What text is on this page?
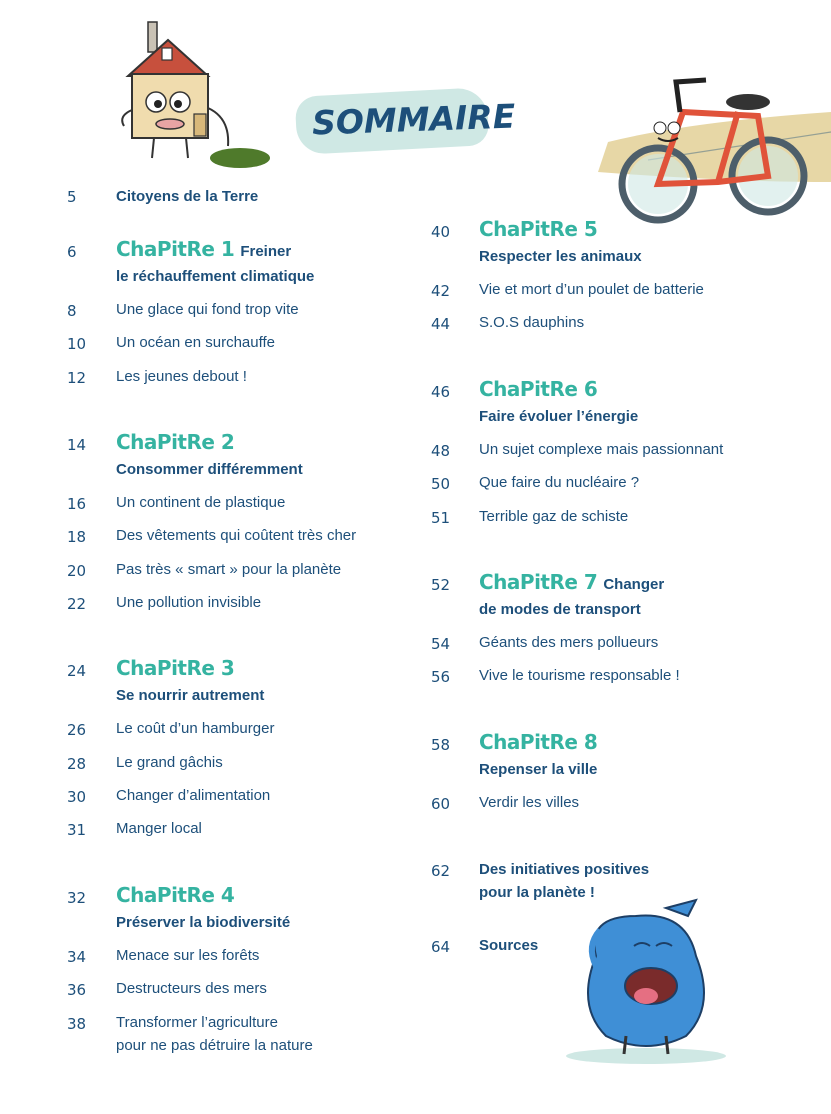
SOMMAIRE
5	Citoyens de la Terre
6 ChaPitRe 1 Freiner
le réchauffement climatique
8	Une glace qui fond trop vite
10 Un océan en surchauffe
12 Les jeunes debout !
14 ChaPitRe 2
Consommer différemment
16 Un continent de plastique
18 Des vêtements qui coûtent très cher
20 Pas très « smart » pour la planète
22 Une pollution invisible
24 ChaPitRe 3
Se nourrir autrement
26 Le coût d’un hamburger
28 Le grand gâchis
30 Changer d’alimentation
31 Manger local
32 ChaPitRe 4
Préserver la biodiversité
34 Menace sur les forêts
36 Destructeurs des mers
38 Transformer l’agriculture
pour ne pas détruire la nature
40 ChaPitRe 5
Respecter les animaux
42 Vie et mort d’un poulet de batterie
44 S.O.S dauphins
46 ChaPitRe 6
Faire évoluer l’énergie
48 Un sujet complexe mais passionnant
50 Que faire du nucléaire ?
51 Terrible gaz de schiste
52 ChaPitRe 7 Changer
de modes de transport
54 Géants des mers pollueurs
56 Vive le tourisme responsable !
58 ChaPitRe 8
Repenser la ville
60 Verdir les villes
62 Des initiatives positives
pour la planète !
64 Sources
